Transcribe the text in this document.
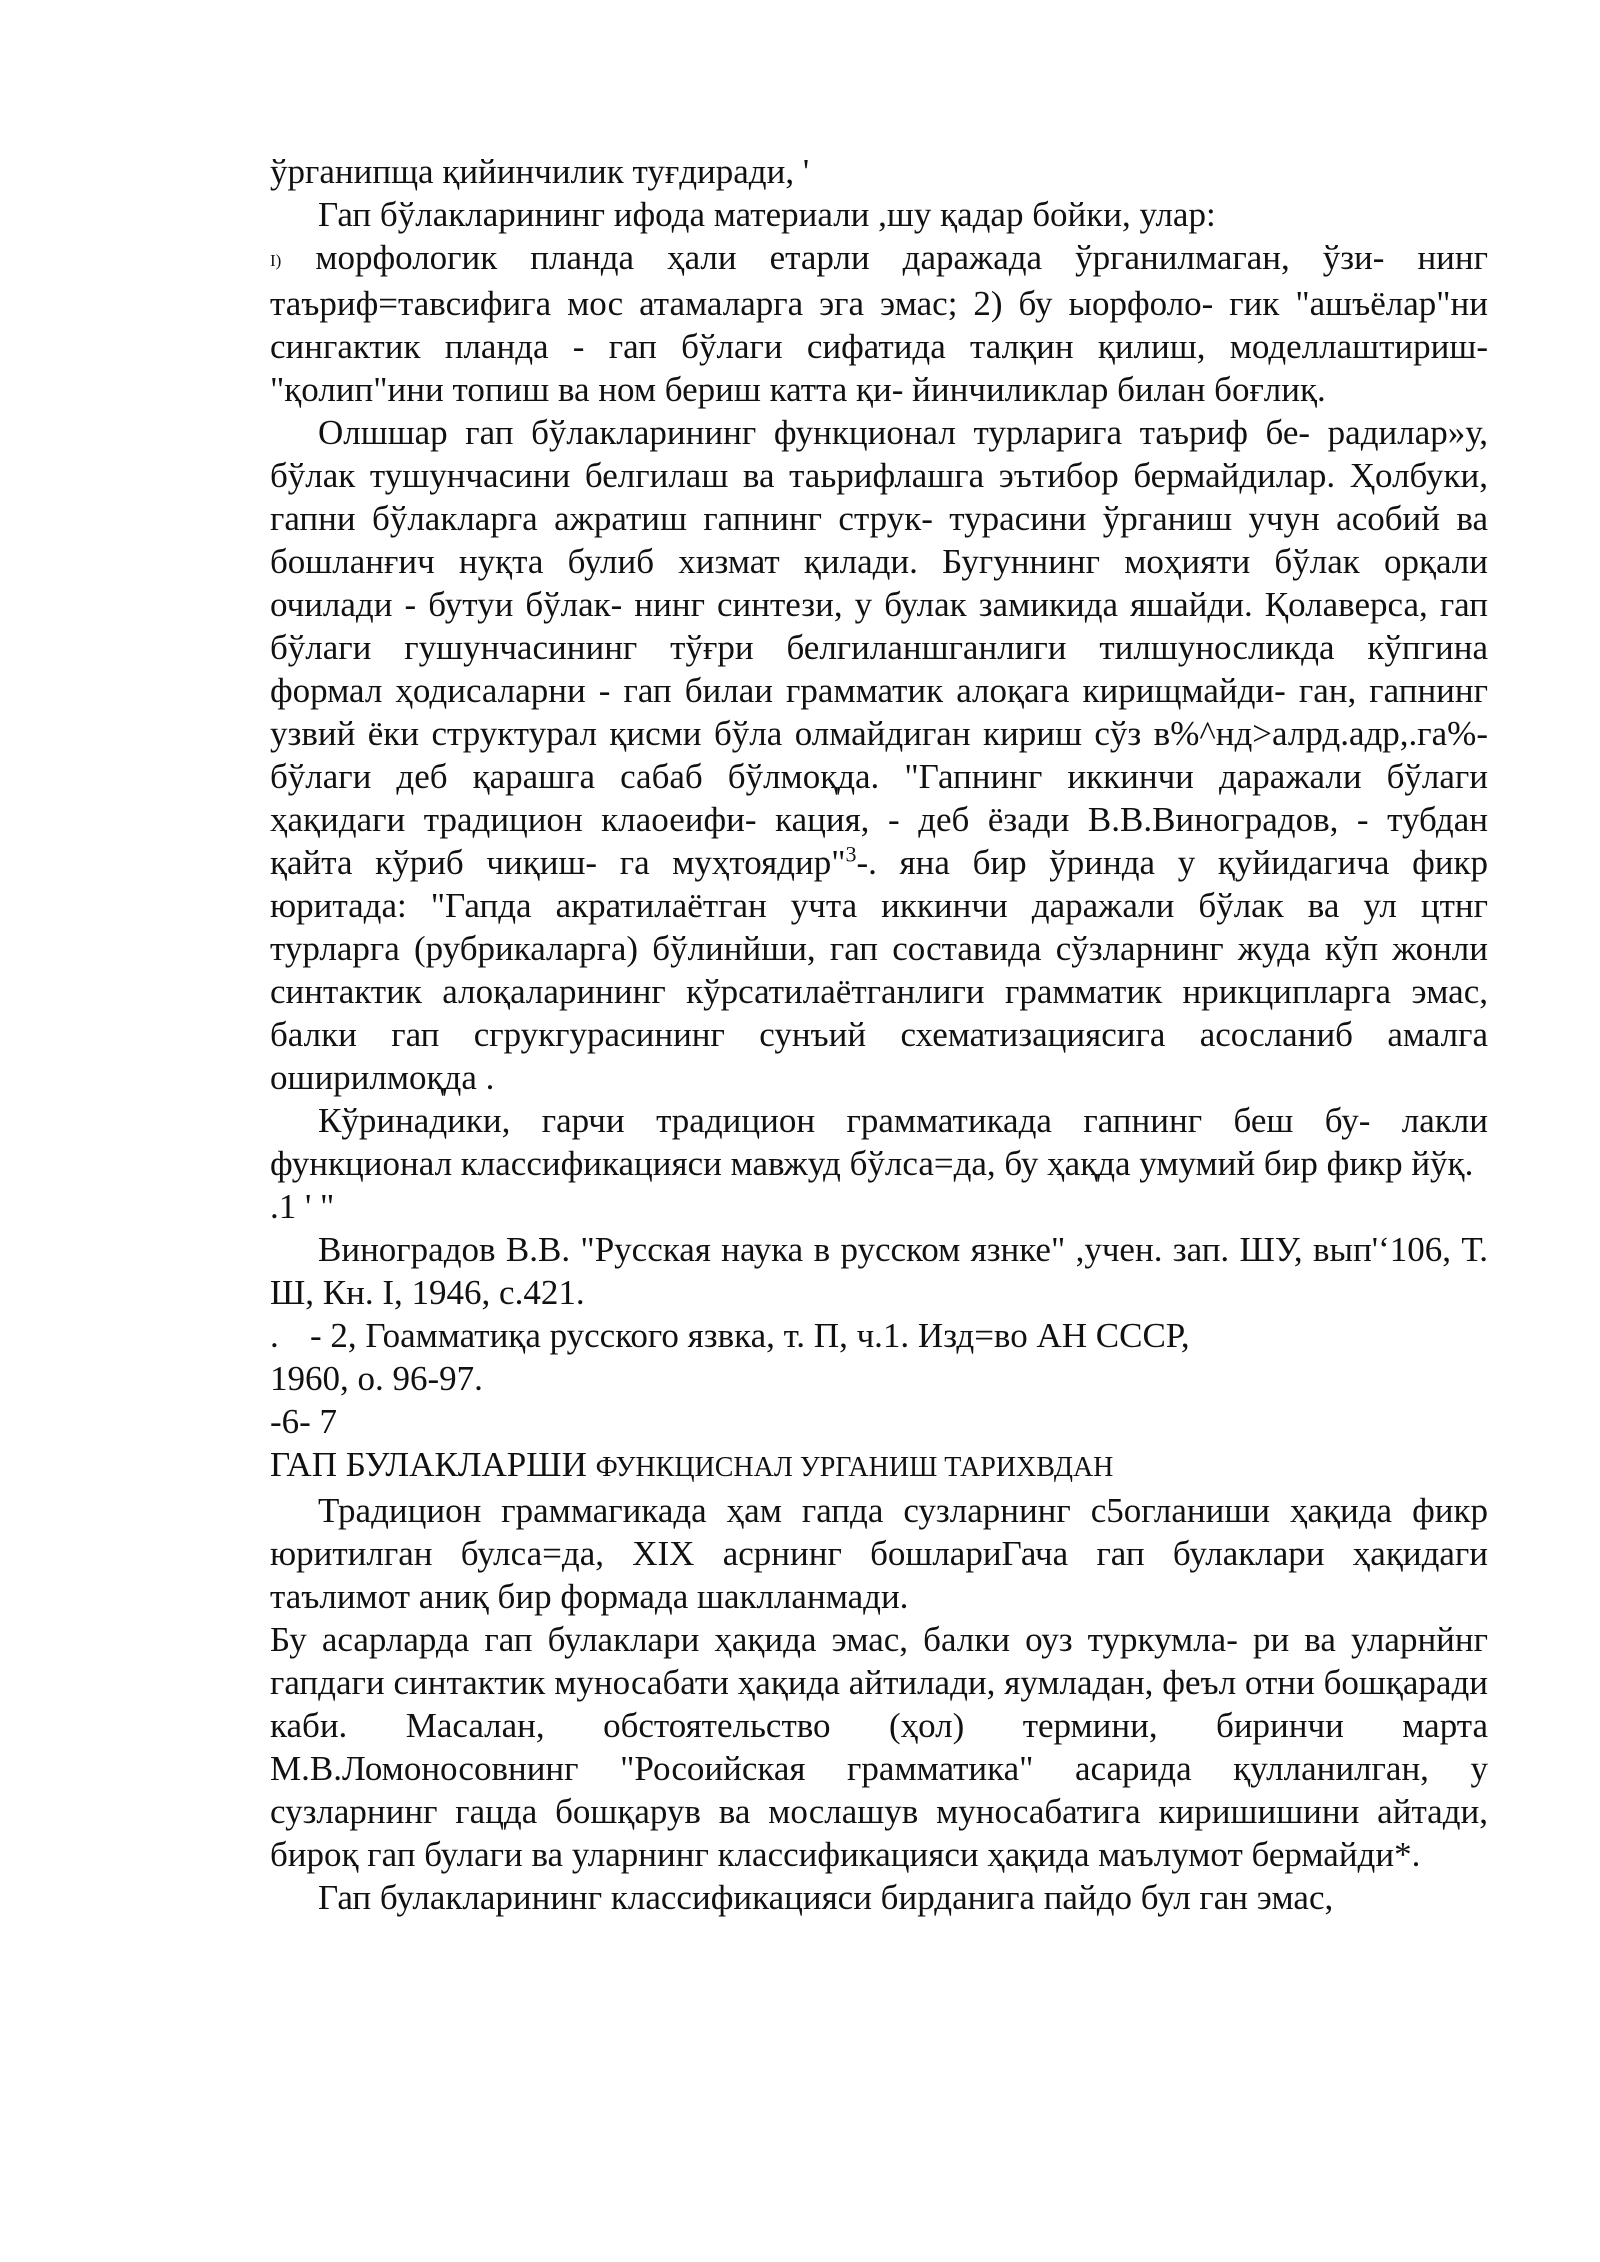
ўрганипща қийинчилик туғдиради, '

Гап бўлакларининг ифода материали ,шу қадар бойки, улар:

I) морфологик планда ҳали етарли даражада ўрганилмаган, ўзи- нинг таъриф=тавсифига мос атамаларга эга эмас; 2) бу ыорфоло- гик "ашъёлар"ни сингактик планда - гап бўлаги сифатида талқин қилиш, моделлаштириш-"қолип"ини топиш ва ном бериш катта қи- йинчиликлар билан боғлиқ.

Олшшар гап бўлакларининг функционал турларига таъриф бе- радилар»у, бўлак тушунчасини белгилаш ва таьрифлашга эътибор бермайдилар. Ҳолбуки, гапни бўлакларга ажратиш гапнинг струк- турасини ўрганиш учун асобий ва бошланғич нуқта булиб хизмат қилади. Бугуннинг моҳияти бўлак орқали очилади - бутуи бўлак- нинг синтези, у булак замикида яшайди. Қолаверса, гап бўлаги гушунчасининг тўғри белгиланшганлиги тилшуносликда кўпгина формал ҳодисаларни - гап билаи грамматик алоқага кирищмайди- ган, гапнинг узвий ёки структурал қисми бўла олмайдиган кириш сўз в%^нд>алрд.адр,.га%-бўлаги деб қарашга сабаб бўлмоқда. "Гапнинг иккинчи даражали бўлаги ҳақидаги традицион клаоеифи- кация, - деб ёзади В.В.Виноградов, - тубдан қайта кўриб чиқиш- га муҳтоядир"$^3$-. яна бир ўринда у қуйидагича фикр юритада: "Гапда акратилаётган учта иккинчи даражали бўлак ва ул цтнг турларга (рубрикаларга) бўлинйши, гап составида сўзларнинг жуда кўп жонли синтактик алоқаларининг кўрсатилаётганлиги грамматик нрикципларга эмас, балки гап сгрукгурасининг сунъий схематизациясига асосланиб амалга оширилмоқда .

Кўринадики, гарчи традицион грамматикада гапнинг беш бу- лакли функционал классификацияси мавжуд бўлса=да, бу ҳақда умумий бир фикр йўқ.

.1 ' "

Виноградов В.В. "Русская наука в русском язнке" ,учен. зап. ШУ, вып'‘106, Т. Ш, Кн. I, 1946, с.421.

. - 2, Гоамматиқа русского язвка, т. П, ч.1. Изд=во АН СССР,

1960, о. 96-97.

-6- 7

ГАП БУЛАКЛАРШИ ФУНКЦИСНАЛ УРГАНИШ ТАРИХВДАН

Традицион граммагикада ҳам гапда сузларнинг с5огланиши ҳақида фикр юритилган булса=да, XIX асрнинг бошлариГача гап булаклари ҳақидаги таълимот аниқ бир формада шаклланмади.

Бу асарларда гап булаклари ҳақида эмас, балки оуз туркумла- ри ва уларнйнг гапдаги синтактик муносабати ҳақида айтилади, яумладан, феъл отни бошқаради каби. Масалан, обстоятельство (ҳол) термини, биринчи марта М.В.Ломоносовнинг "Росоийская грамматика" асарида қулланилган, у сузларнинг гацда бошқарув ва мослашув муносабатига киришишини айтади, бироқ гап булаги ва уларнинг классификацияси ҳақида маълумот бермайди*.

Гап булакларининг классификацияси бирданига пайдо бул ган эмас,
